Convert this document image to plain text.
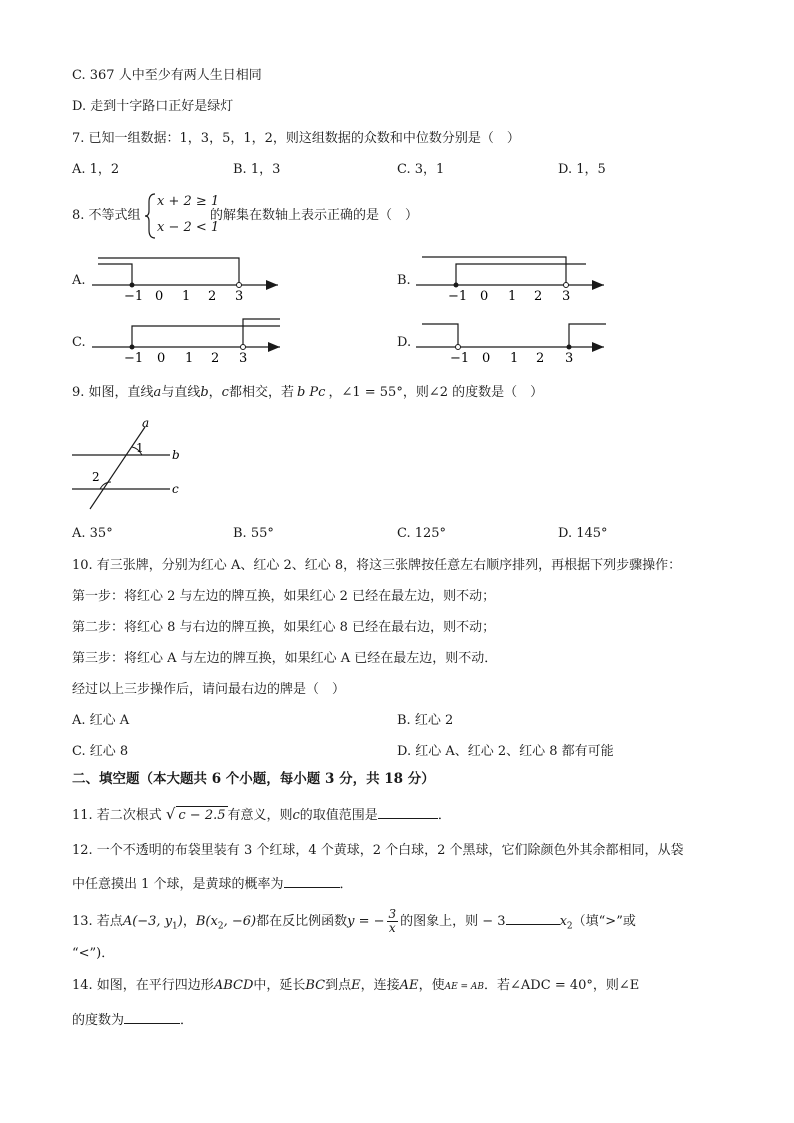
C. 367 人中至少有两人生日相同
D. 走到十字路口正好是绿灯
7. 已知一组数据：1，3，5，1，2，则这组数据的众数和中位数分别是（　）
A. 1，2	B. 1，3	C. 3，1	D. 1，5
8. 不等式组
x + 2 ≥ 1
x − 2 < 1
的解集在数轴上表示正确的是（　）
A.
−1 0 1 2 3
B.
−1 0 1 2 3
C.
−1 0 1 2 3
D.
−1 0 1 2 3
9. 如图，直线a与直线b，c都相交，若 b Pc ，∠1 = 55°，则∠2 的度数是（　）
a
1 b
2
c
A. 35°	B. 55°	C. 125°	D. 145°
10. 有三张牌，分别为红心 A、红心 2、红心 8，将这三张牌按任意左右顺序排列，再根据下列步骤操作：
第一步：将红心 2 与左边的牌互换，如果红心 2 已经在最左边，则不动；
第二步：将红心 8 与右边的牌互换，如果红心 8 已经在最右边，则不动；
第三步：将红心 A 与左边的牌互换，如果红心 A 已经在最左边，则不动．
经过以上三步操作后，请问最右边的牌是（　）
A. 红心 A	B. 红心 2
C. 红心 8	D. 红心 A、红心 2、红心 8 都有可能
二、填空题（本大题共 6 个小题，每小题 3 分，共 18 分）
11. 若二次根式 √ c − 2.5 有意义，则c的取值范围是	．
12. 一个不透明的布袋里装有 3 个红球，4 个黄球，2 个白球，2 个黑球，它们除颜色外其余都相同，从袋
中任意摸出 1 个球，是黄球的概率为	．
13. 若点A(−3, $y_1$)，$B(x_2$, −6)都在反比例函数y = − $\frac{3}{x}$ 的图象上，则 − 3	$x_2$（填“>”或
“<”)．
14. 如图，在平行四边形ABCD中，延长BC到点E，连接AE，使AE = AB．若∠ADC = 40°，则∠E
的度数为	．
